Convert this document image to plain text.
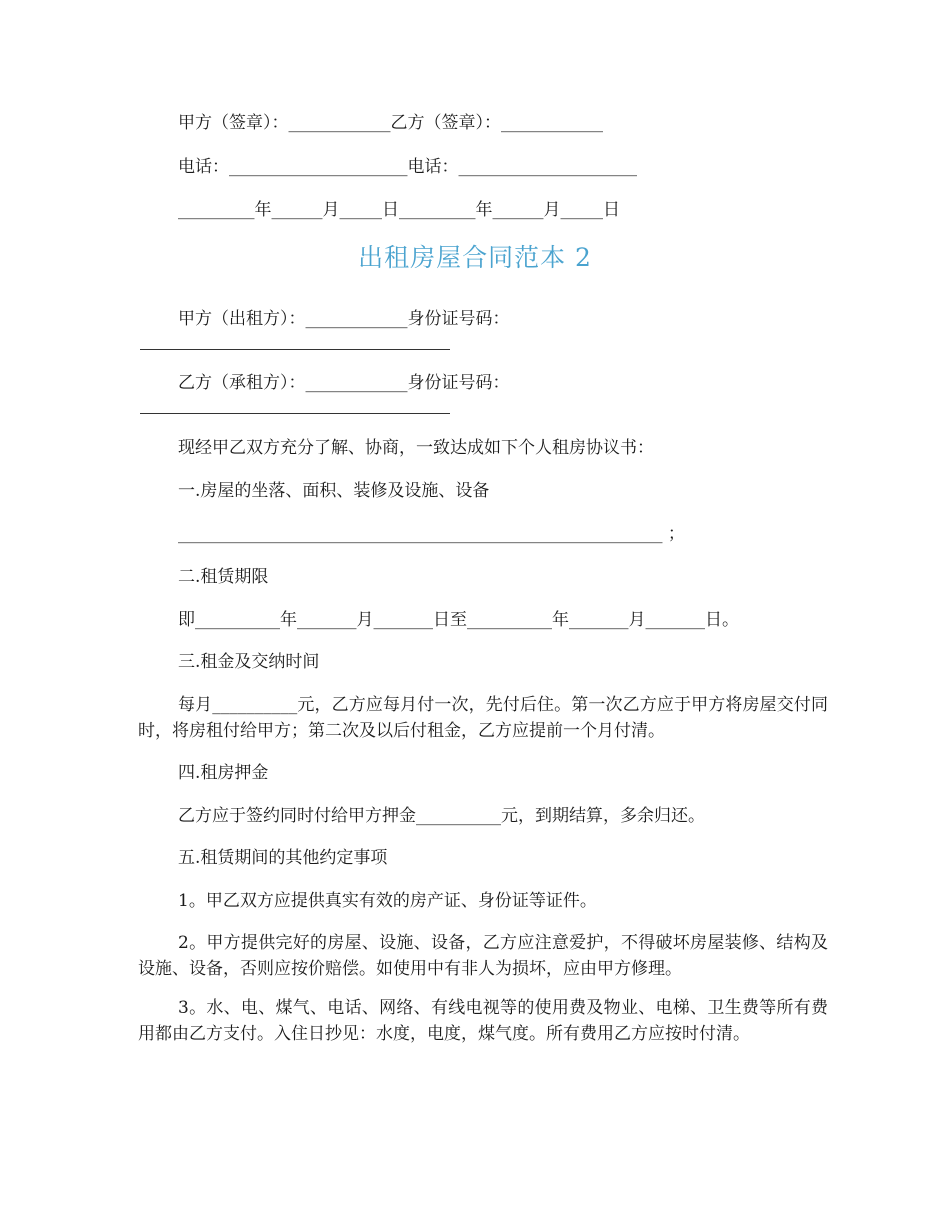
甲方（签章）：____________乙方（签章）：____________
电话：_____________________电话：_____________________
_________年______月_____日_________年______月_____日
出租房屋合同范本 2
甲方（出租方）：____________身份证号码：
乙方（承租方）：____________身份证号码：
现经甲乙双方充分了解、协商，一致达成如下个人租房协议书：
一.房屋的坐落、面积、装修及设施、设备
_________________________________________________________ ；
二.租赁期限
即__________年_______月_______日至__________年_______月_______日。
三.租金及交纳时间
每月__________元，乙方应每月付一次，先付后住。第一次乙方应于甲方将房屋交付同时，将房租付给甲方；第二次及以后付租金，乙方应提前一个月付清。
四.租房押金
乙方应于签约同时付给甲方押金__________元，到期结算，多余归还。
五.租赁期间的其他约定事项
1。甲乙双方应提供真实有效的房产证、身份证等证件。
2。甲方提供完好的房屋、设施、设备，乙方应注意爱护，不得破坏房屋装修、结构及设施、设备，否则应按价赔偿。如使用中有非人为损坏，应由甲方修理。
3。水、电、煤气、电话、网络、有线电视等的使用费及物业、电梯、卫生费等所有费用都由乙方支付。入住日抄见：水度，电度，煤气度。所有费用乙方应按时付清。
